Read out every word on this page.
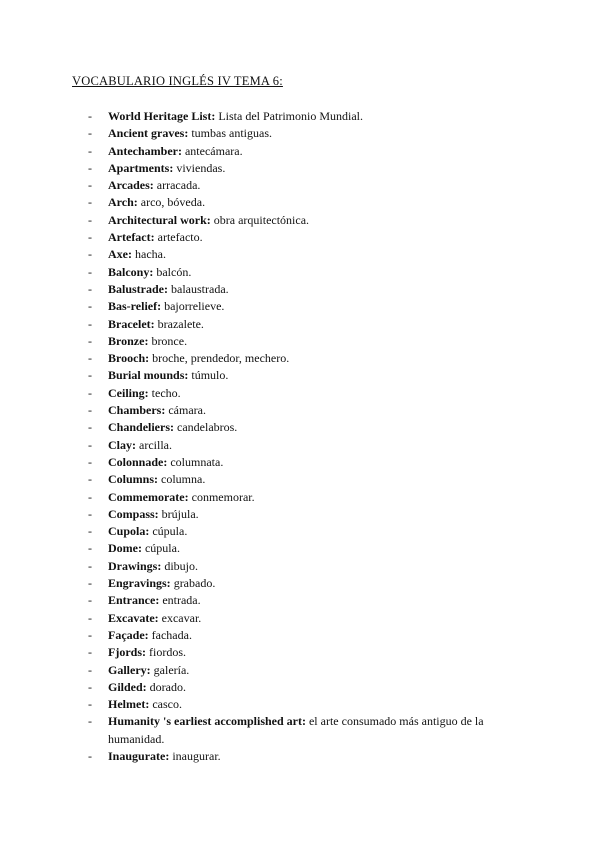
VOCABULARIO INGLÉS IV TEMA 6:
- World Heritage List: Lista del Patrimonio Mundial.
- Ancient graves: tumbas antiguas.
- Antechamber: antecámara.
- Apartments: viviendas.
- Arcades: arracada.
- Arch: arco, bóveda.
- Architectural work: obra arquitectónica.
- Artefact: artefacto.
- Axe: hacha.
- Balcony: balcón.
- Balustrade: balaustrada.
- Bas-relief: bajorrelieve.
- Bracelet: brazalete.
- Bronze: bronce.
- Brooch: broche, prendedor, mechero.
- Burial mounds: túmulo.
- Ceiling: techo.
- Chambers: cámara.
- Chandeliers: candelabros.
- Clay: arcilla.
- Colonnade: columnata.
- Columns: columna.
- Commemorate: conmemorar.
- Compass: brújula.
- Cupola: cúpula.
- Dome: cúpula.
- Drawings: dibujo.
- Engravings: grabado.
- Entrance: entrada.
- Excavate: excavar.
- Façade: fachada.
- Fjords: fiordos.
- Gallery: galería.
- Gilded: dorado.
- Helmet: casco.
- Humanity 's earliest accomplished art: el arte consumado más antiguo de la humanidad.
- Inaugurate: inaugurar.
